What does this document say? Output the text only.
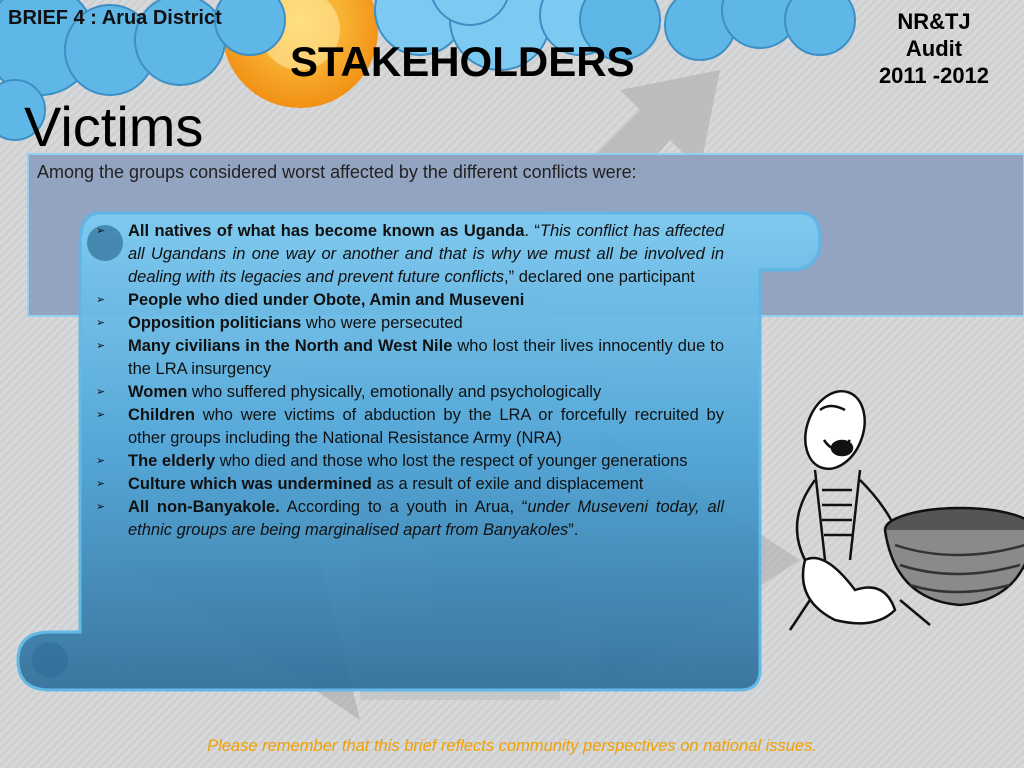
BRIEF 4 : Arua District
STAKEHOLDERS
NR&TJ
Audit
2011 -2012
Victims
Among the groups considered worst affected by the different conflicts were:
➢ All natives of what has become known as Uganda. “This conflict has affected all Ugandans in one way or another and that is why we must all be involved in dealing with its legacies and prevent future conflicts,” declared one participant
➢ People who died under Obote, Amin and Museveni
➢ Opposition politicians who were persecuted
➢ Many civilians in the North and West Nile who lost their lives innocently due to the LRA insurgency
➢ Women who suffered physically, emotionally and psychologically
➢ Children who were victims of abduction by the LRA or forcefully recruited by other groups including the National Resistance Army (NRA)
➢ The elderly who died and those who lost the respect of younger generations
➢ Culture which was undermined as a result of exile and displacement
➢ All non-Banyakole. According to a youth in Arua, “under Museveni today, all ethnic groups are being marginalised apart from Banyakoles”.
Please remember that this brief reflects community perspectives on national issues.
